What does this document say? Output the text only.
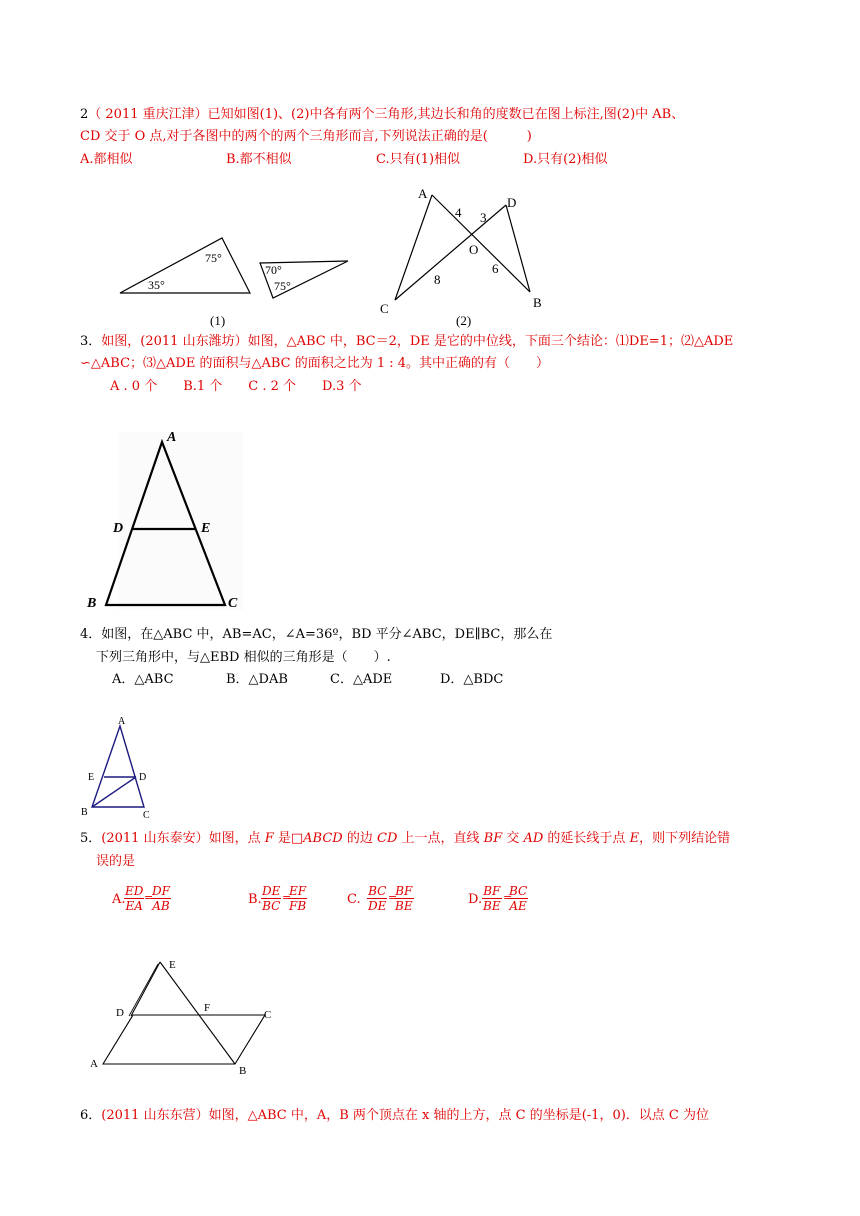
2（ 2011 重庆江津）已知如图(1)、(2)中各有两个三角形,其边长和角的度数已在图上标注,图(2)中 AB、
CD 交于 O 点,对于各图中的两个的两个三角形而言,下列说法正确的是(　　　)
A.都相似	B.都不相似	C.只有(1)相似	D.只有(2)相似
75°
35°
70°
75°
(1)
A
D
O
C	B
4 3
8
6
(2)
3．如图，(2011 山东潍坊）如图，△ABC 中，BC＝2，DE 是它的中位线，下面三个结论：⑴DE=1；⑵△ADE
∽△ABC；⑶△ADE 的面积与△ABC 的面积之比为 1 : 4。其中正确的有（　　）
A . 0 个　　B.1 个　　C . 2 个　　D.3 个
A
D	E
B	C
4．如图，在△ABC 中，AB=AC，∠A=36º，BD 平分∠ABC，DE∥BC，那么在
下列三角形中，与△EBD 相似的三角形是（　　）.
A．△ABC	B．△DAB	C．△ADE	D．△BDC
A
E	D
B	C
5．(2011 山东泰安）如图，点 F 是□ABCD 的边 CD 上一点，直线 BF 交 AD 的延长线于点 E，则下列结论错
误的是
A.
$\frac{ED}{EA}$ =
$\frac{DF}{AB}$	B. $\frac{DE}{BC}$ =
$\frac{EF}{FB}$	C. $\frac{BC}{DE}$ =
$\frac{BF}{BE}$	D. $\frac{BF}{BE}$ =
$\frac{BC}{AE}$
E
D	F
C
A
B
6．(2011 山东东营）如图，△ABC 中，A，B 两个顶点在 x 轴的上方，点 C 的坐标是(-1，0)．以点 C 为位
